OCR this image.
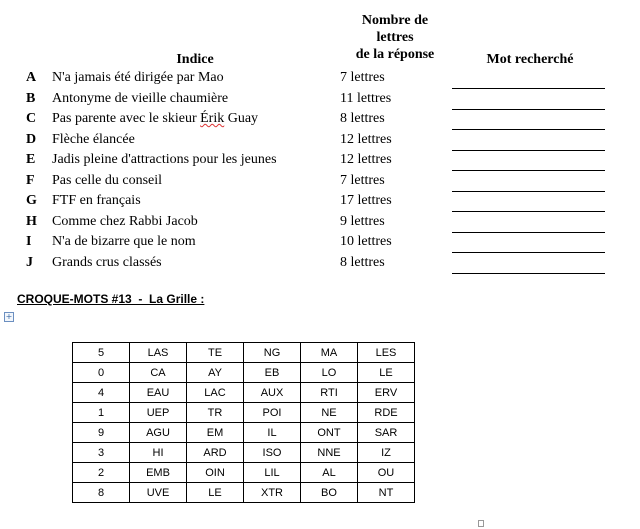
Indice
Nombre de
lettres
de la réponse	Mot recherché
A N'a jamais été dirigée par Mao	7 lettres
B Antonyme de vieille chaumière	11 lettres
C Pas parente avec le skieur Érik Guay	8 lettres
D Flèche élancée	12 lettres
E Jadis pleine d'attractions pour les jeunes	12 lettres
F Pas celle du conseil	7 lettres
G FTF en français	17 lettres
H Comme chez Rabbi Jacob	9 lettres
I N'a de bizarre que le nom	10 lettres
J Grands crus classés	8 lettres
CROQUE-MOTS #13  -  La Grille :
+
5	LAS	TE	NG	MA	LES
0	CA	AY	EB	LO	LE
4	EAU	LAC	AUX	RTI	ERV
1	UEP	TR	POI	NE	RDE
9	AGU	EM	IL	ONT	SAR
3	HI	ARD	ISO	NNE	IZ
2	EMB	OIN	LIL	AL	OU
8	UVE	LE	XTR	BO	NT
